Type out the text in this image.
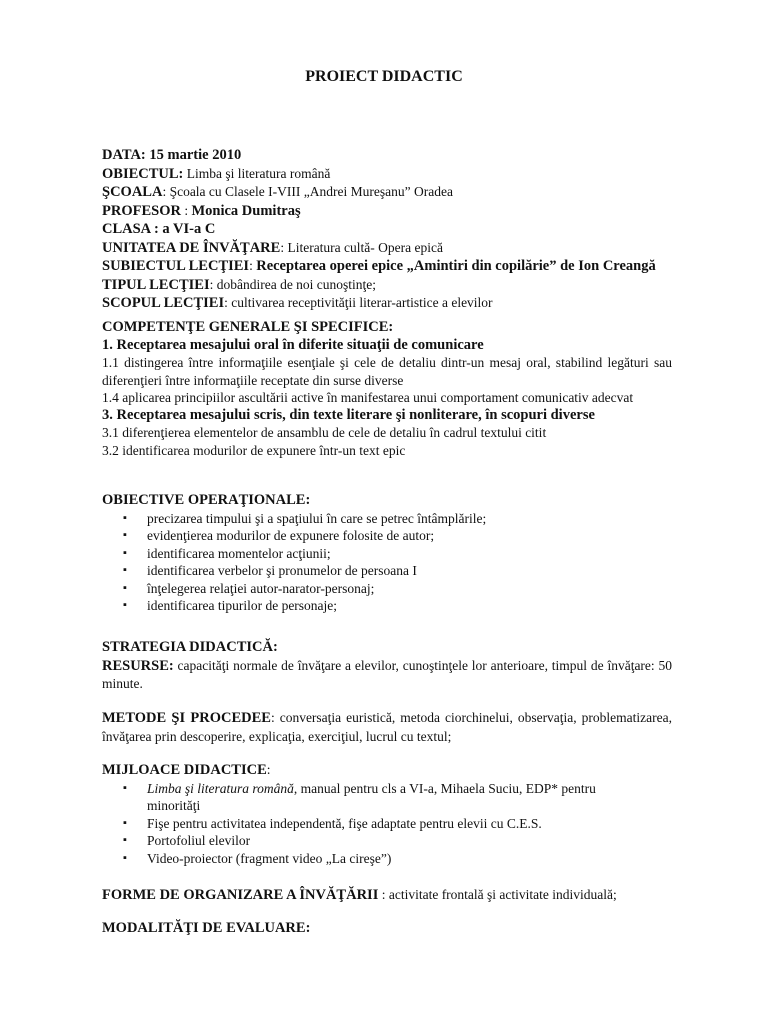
PROIECT DIDACTIC
DATA: 15 martie 2010
OBIECTUL: Limba şi literatura română
ŞCOALA: Şcoala cu Clasele I-VIII „Andrei Mureşanu” Oradea
PROFESOR : Monica Dumitraş
CLASA : a VI-a C
UNITATEA DE ÎNVĂŢARE: Literatura cultă- Opera epică
SUBIECTUL LECŢIEI: Receptarea operei epice „Amintiri din copilărie” de Ion Creangă
TIPUL LECŢIEI: dobândirea de noi cunoştinţe;
SCOPUL LECŢIEI: cultivarea receptivităţii literar-artistice a elevilor
COMPETENŢE GENERALE ŞI SPECIFICE:
1. Receptarea mesajului oral în diferite situaţii de comunicare
1.1 distingerea între informaţiile esenţiale şi cele de detaliu dintr-un mesaj oral, stabilind legături sau diferenţieri între informaţiile receptate din surse diverse
1.4 aplicarea principiilor ascultării active în manifestarea unui comportament comunicativ adecvat
3. Receptarea mesajului scris, din texte literare şi nonliterare, în scopuri diverse
3.1 diferenţierea elementelor de ansamblu de cele de detaliu în cadrul textului citit
3.2 identificarea modurilor de expunere într-un text epic
OBIECTIVE OPERAŢIONALE:
▪ precizarea timpului şi a spaţiului în care se petrec întâmplările;
▪ evidenţierea modurilor de expunere folosite de autor;
▪ identificarea momentelor acţiunii;
▪ identificarea verbelor şi pronumelor de persoana I
▪ înţelegerea relaţiei autor-narator-personaj;
▪ identificarea tipurilor de personaje;
STRATEGIA DIDACTICĂ:
RESURSE: capacităţi normale de învăţare a elevilor, cunoştinţele lor anterioare, timpul de învăţare: 50 minute.
METODE ŞI PROCEDEE: conversaţia euristică, metoda ciorchinelui, observaţia, problematizarea, învăţarea prin descoperire, explicaţia, exerciţiul, lucrul cu textul;
MIJLOACE DIDACTICE:
▪ Limba şi literatura română, manual pentru cls a VI-a, Mihaela Suciu, EDP* pentru minorităţi
▪ Fişe pentru activitatea independentă, fişe adaptate pentru elevii cu C.E.S.
▪ Portofoliul elevilor
▪ Video-proiector (fragment video „La cireşe”)
FORME DE ORGANIZARE A ÎNVĂŢĂRII : activitate frontală şi activitate individuală;
MODALITĂŢI DE EVALUARE:
